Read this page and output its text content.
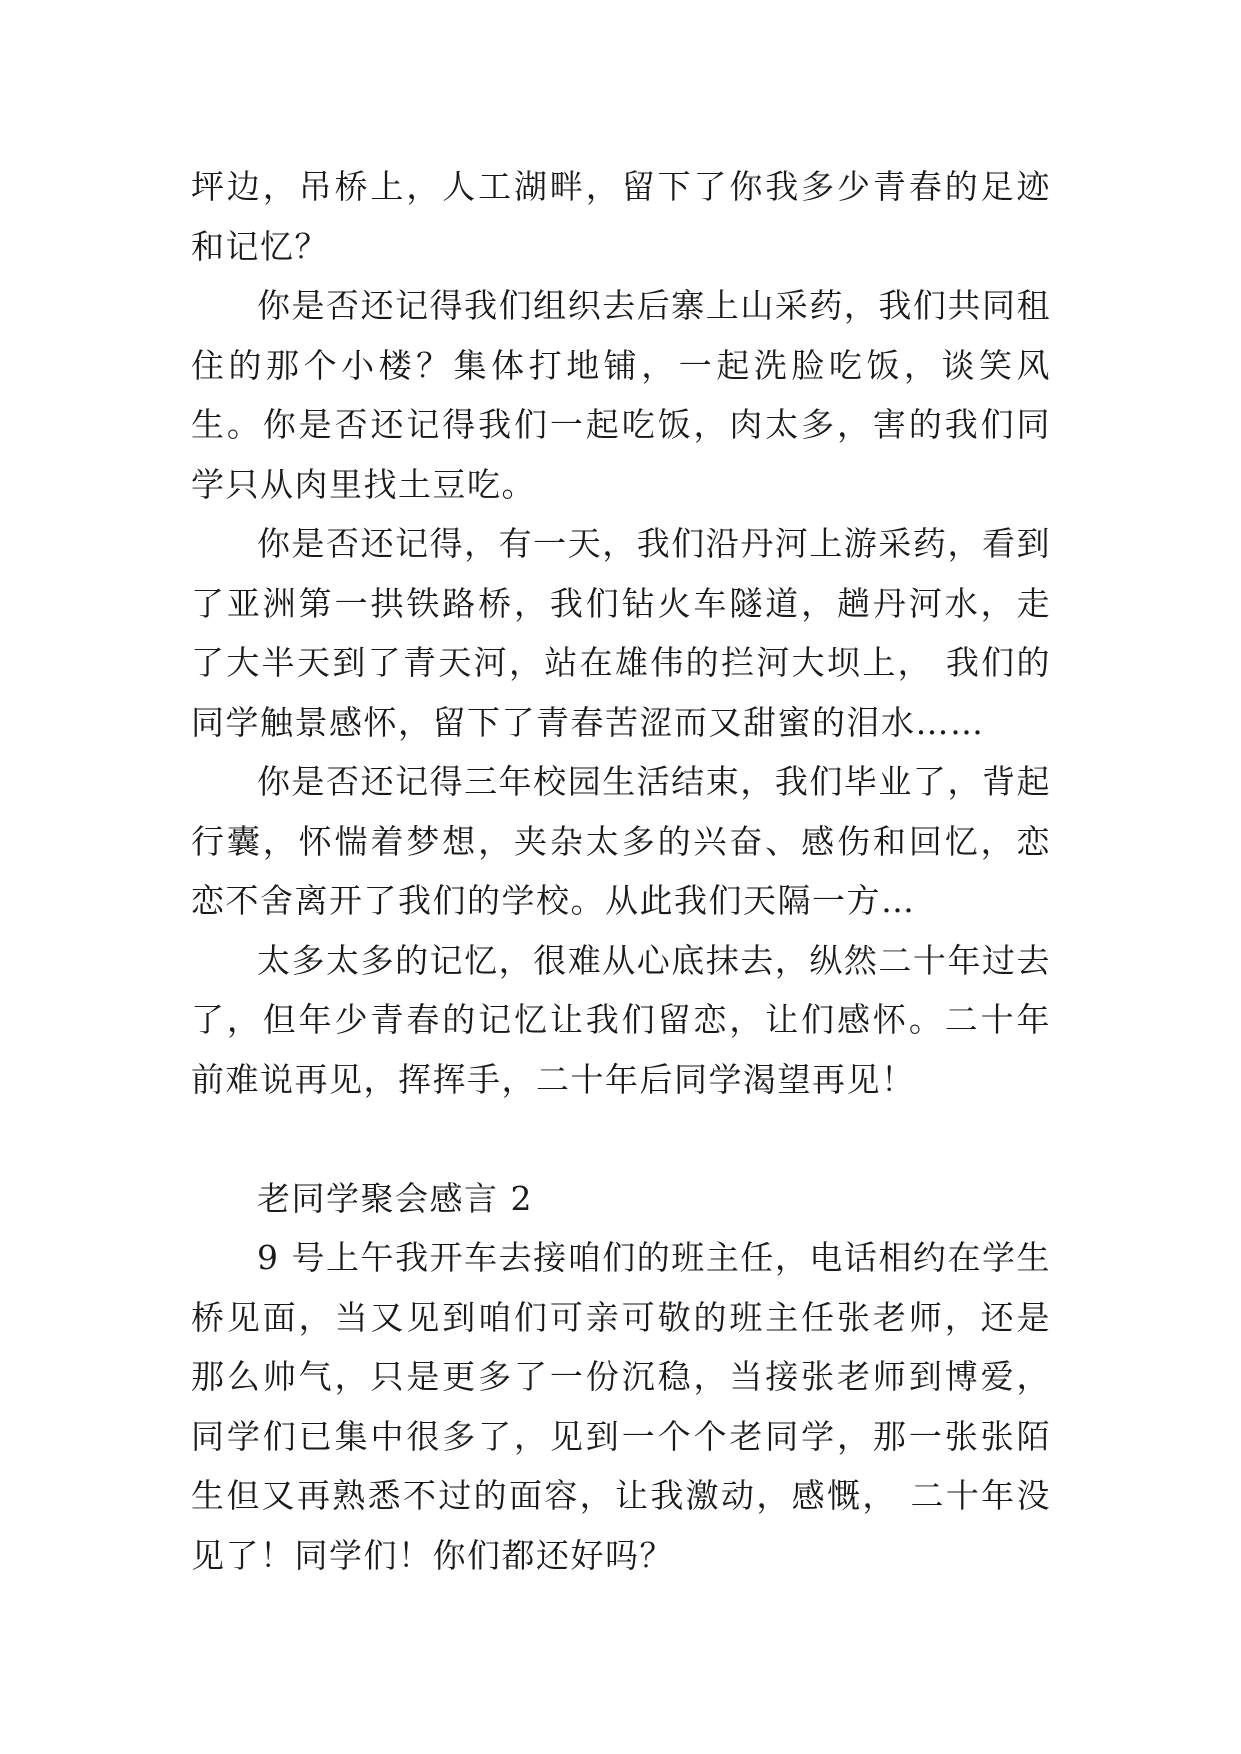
坪边，吊桥上，人工湖畔，留下了你我多少青春的足迹和记忆？

你是否还记得我们组织去后寨上山采药，我们共同租住的那个小楼？集体打地铺，一起洗脸吃饭，谈笑风生。你是否还记得我们一起吃饭，肉太多，害的我们同学只从肉里找土豆吃。

你是否还记得，有一天，我们沿丹河上游采药，看到了亚洲第一拱铁路桥，我们钻火车隧道，趟丹河水，走了大半天到了青天河，站在雄伟的拦河大坝上， 我们的同学触景感怀，留下了青春苦涩而又甜蜜的泪水……

你是否还记得三年校园生活结束，我们毕业了，背起行囊，怀惴着梦想，夹杂太多的兴奋、感伤和回忆，恋恋不舍离开了我们的学校。从此我们天隔一方…

太多太多的记忆，很难从心底抹去，纵然二十年过去了，但年少青春的记忆让我们留恋，让们感怀。二十年前难说再见，挥挥手，二十年后同学渴望再见！

老同学聚会感言 2

9 号上午我开车去接咱们的班主任，电话相约在学生桥见面，当又见到咱们可亲可敬的班主任张老师，还是那么帅气，只是更多了一份沉稳，当接张老师到博爱，同学们已集中很多了，见到一个个老同学，那一张张陌生但又再熟悉不过的面容，让我激动，感慨， 二十年没见了！同学们！你们都还好吗？
